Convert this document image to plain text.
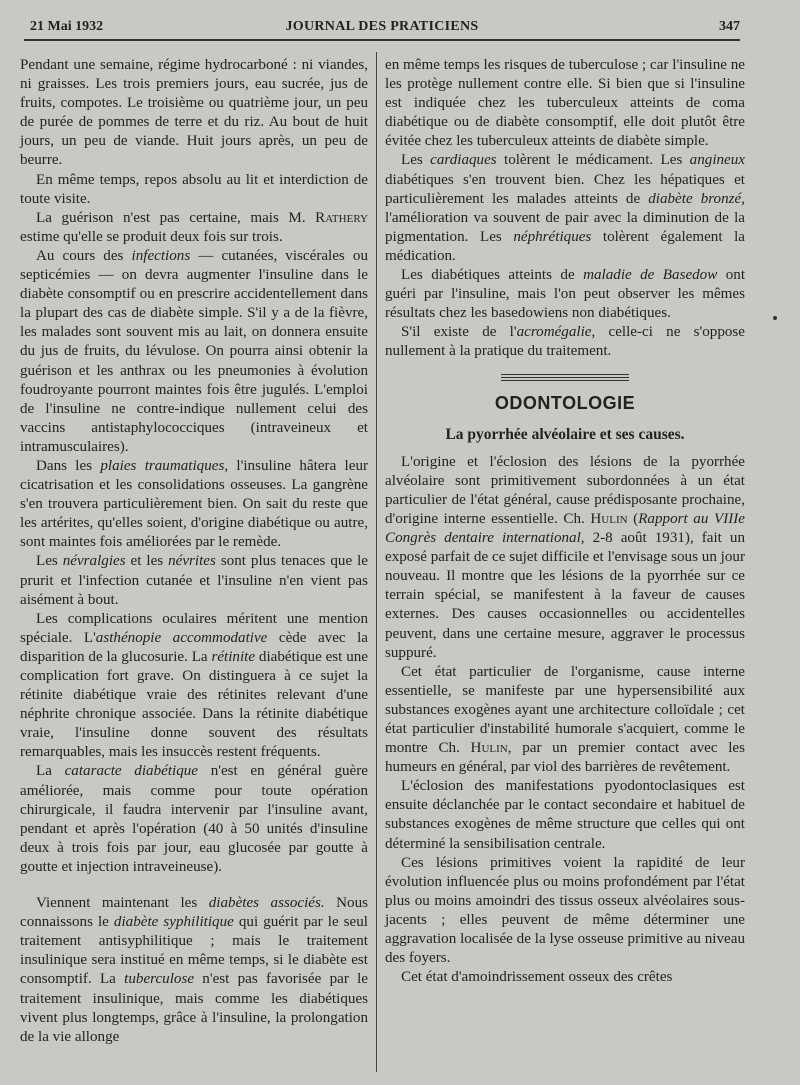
21 Mai 1932	JOURNAL DES PRATICIENS	347

Pendant une semaine, régime hydrocarboné : ni viandes, ni graisses. Les trois premiers jours, eau sucrée, jus de fruits, compotes. Le troisième ou quatrième jour, un peu de purée de pommes de terre et du riz. Au bout de huit jours, un peu de viande. Huit jours après, un peu de beurre.

En même temps, repos absolu au lit et interdiction de toute visite.

La guérison n'est pas certaine, mais M. Rathery estime qu'elle se produit deux fois sur trois.

Au cours des infections — cutanées, viscérales ou septicémies — on devra augmenter l'insuline dans le diabète consomptif ou en prescrire accidentellement dans la plupart des cas de diabète simple. S'il y a de la fièvre, les malades sont souvent mis au lait, on donnera ensuite du jus de fruits, du lévulose. On pourra ainsi obtenir la guérison et les anthrax ou les pneumonies à évolution foudroyante pourront maintes fois être jugulés. L'emploi de l'insuline ne contre-indique nullement celui des vaccins antistaphylococciques (intraveineux et intramusculaires).

Dans les plaies traumatiques, l'insuline hâtera leur cicatrisation et les consolidations osseuses. La gangrène s'en trouvera particulièrement bien. On sait du reste que les artérites, qu'elles soient, d'origine diabétique ou autre, sont maintes fois améliorées par le remède.

Les névralgies et les névrites sont plus tenaces que le prurit et l'infection cutanée et l'insuline n'en vient pas aisément à bout.

Les complications oculaires méritent une mention spéciale. L'asthénopie accommodative cède avec la disparition de la glucosurie. La rétinite diabétique est une complication fort grave. On distinguera à ce sujet la rétinite diabétique vraie des rétinites relevant d'une néphrite chronique associée. Dans la rétinite diabétique vraie, l'insuline donne souvent des résultats remarquables, mais les insuccès restent fréquents.

La cataracte diabétique n'est en général guère améliorée, mais comme pour toute opération chirurgicale, il faudra intervenir par l'insuline avant, pendant et après l'opération (40 à 50 unités d'insuline deux à trois fois par jour, eau glucosée par goutte à goutte et injection intraveineuse).

Viennent maintenant les diabètes associés. Nous connaissons le diabète syphilitique qui guérit par le seul traitement antisyphilitique ; mais le traitement insulinique sera institué en même temps, si le diabète est consomptif. La tuberculose n'est pas favorisée par le traitement insulinique, mais comme les diabétiques vivent plus longtemps, grâce à l'insuline, la prolongation de la vie allonge

en même temps les risques de tuberculose ; car l'insuline ne les protège nullement contre elle. Si bien que si l'insuline est indiquée chez les tuberculeux atteints de coma diabétique ou de diabète consomptif, elle doit plutôt être évitée chez les tuberculeux atteints de diabète simple.

Les cardiaques tolèrent le médicament. Les angineux diabétiques s'en trouvent bien. Chez les hépatiques et particulièrement les malades atteints de diabète bronzé, l'amélioration va souvent de pair avec la diminution de la pigmentation. Les néphrétiques tolèrent également la médication.

Les diabétiques atteints de maladie de Basedow ont guéri par l'insuline, mais l'on peut observer les mêmes résultats chez les basedowiens non diabétiques.

S'il existe de l'acromégalie, celle-ci ne s'oppose nullement à la pratique du traitement.

ODONTOLOGIE
La pyorrhée alvéolaire et ses causes.

L'origine et l'éclosion des lésions de la pyorrhée alvéolaire sont primitivement subordonnées à un état particulier de l'état général, cause prédisposante prochaine, d'origine interne essentielle. Ch. Hulin (Rapport au VIIIe Congrès dentaire international, 2-8 août 1931), fait un exposé parfait de ce sujet difficile et l'envisage sous un jour nouveau. Il montre que les lésions de la pyorrhée sur ce terrain spécial, se manifestent à la faveur de causes externes. Des causes occasionnelles ou accidentelles peuvent, dans une certaine mesure, aggraver le processus suppuré.

Cet état particulier de l'organisme, cause interne essentielle, se manifeste par une hypersensibilité aux substances exogènes ayant une architecture colloïdale ; cet état particulier d'instabilité humorale s'acquiert, comme le montre Ch. Hulin, par un premier contact avec les humeurs en général, par viol des barrières de revêtement.

L'éclosion des manifestations pyodontoclasiques est ensuite déclanchée par le contact secondaire et habituel de substances exogènes de même structure que celles qui ont déterminé la sensibilisation centrale.

Ces lésions primitives voient la rapidité de leur évolution influencée plus ou moins profondément par l'état plus ou moins amoindri des tissus osseux alvéolaires sous-jacents ; elles peuvent de même déterminer une aggravation localisée de la lyse osseuse primitive au niveau des foyers.

Cet état d'amoindrissement osseux des crêtes
